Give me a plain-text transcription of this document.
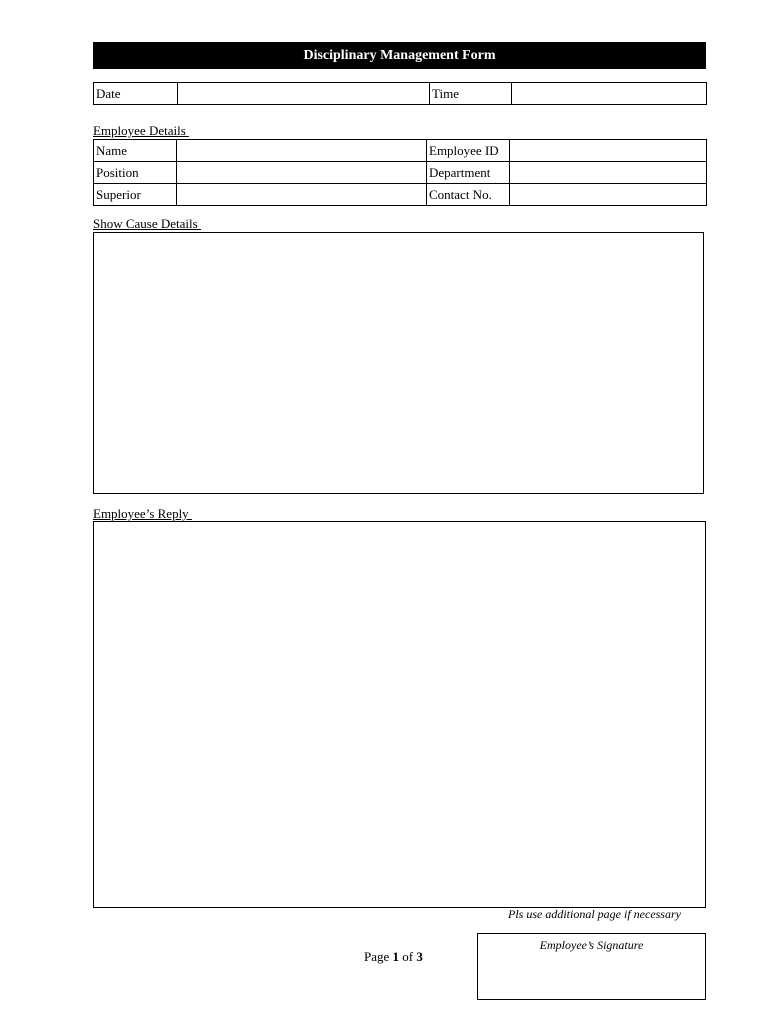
Disciplinary Management Form
Date		Time	
Employee Details
Name		Employee ID	
Position		Department	
Superior		Contact No.	
Show Cause Details
Employee’s Reply
Pls use additional page if necessary
Page 1 of 3
Employee’s Signature
